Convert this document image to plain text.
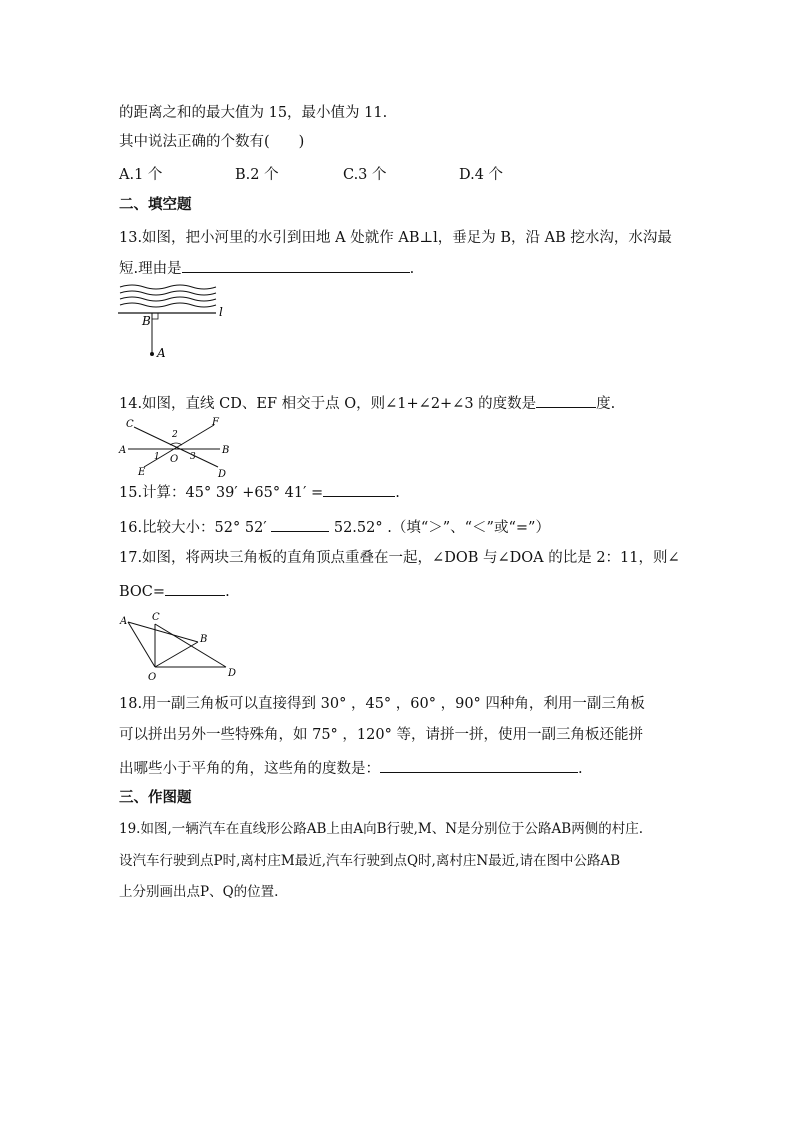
的距离之和的最大值为 15，最小值为 11.
其中说法正确的个数有(　　)
A.1 个	B.2 个	C.3 个	D.4 个
二、填空题
13.如图，把小河里的水引到田地 A 处就作 AB⊥l，垂足为 B，沿 AB 挖水沟，水沟最
短.理由是	.
B
l
A
14.如图，直线 CD、EF 相交于点 O，则∠1+∠2+∠3 的度数是	度.
C	F
A	B
E	D
O
1
2
3
15.计算：45° 39′ +65° 41′ =	.
16.比较大小：52° 52′	52.52° .（填“＞”、“＜”或“=”）
17.如图，将两块三角板的直角顶点重叠在一起，∠DOB 与∠DOA 的比是 2：11，则∠
BOC=	.
A C
B
O	D
18.用一副三角板可以直接得到 30° ，45° ，60° ，90° 四种角，利用一副三角板
可以拼出另外一些特殊角，如 75° ，120° 等，请拼一拼，使用一副三角板还能拼
出哪些小于平角的角，这些角的度数是：	.
三、作图题
19.如图,一辆汽车在直线形公路AB上由A向B行驶,M、N是分别位于公路AB两侧的村庄.
设汽车行驶到点P时,离村庄M最近,汽车行驶到点Q时,离村庄N最近,请在图中公路AB
上分别画出点P、Q的位置.
